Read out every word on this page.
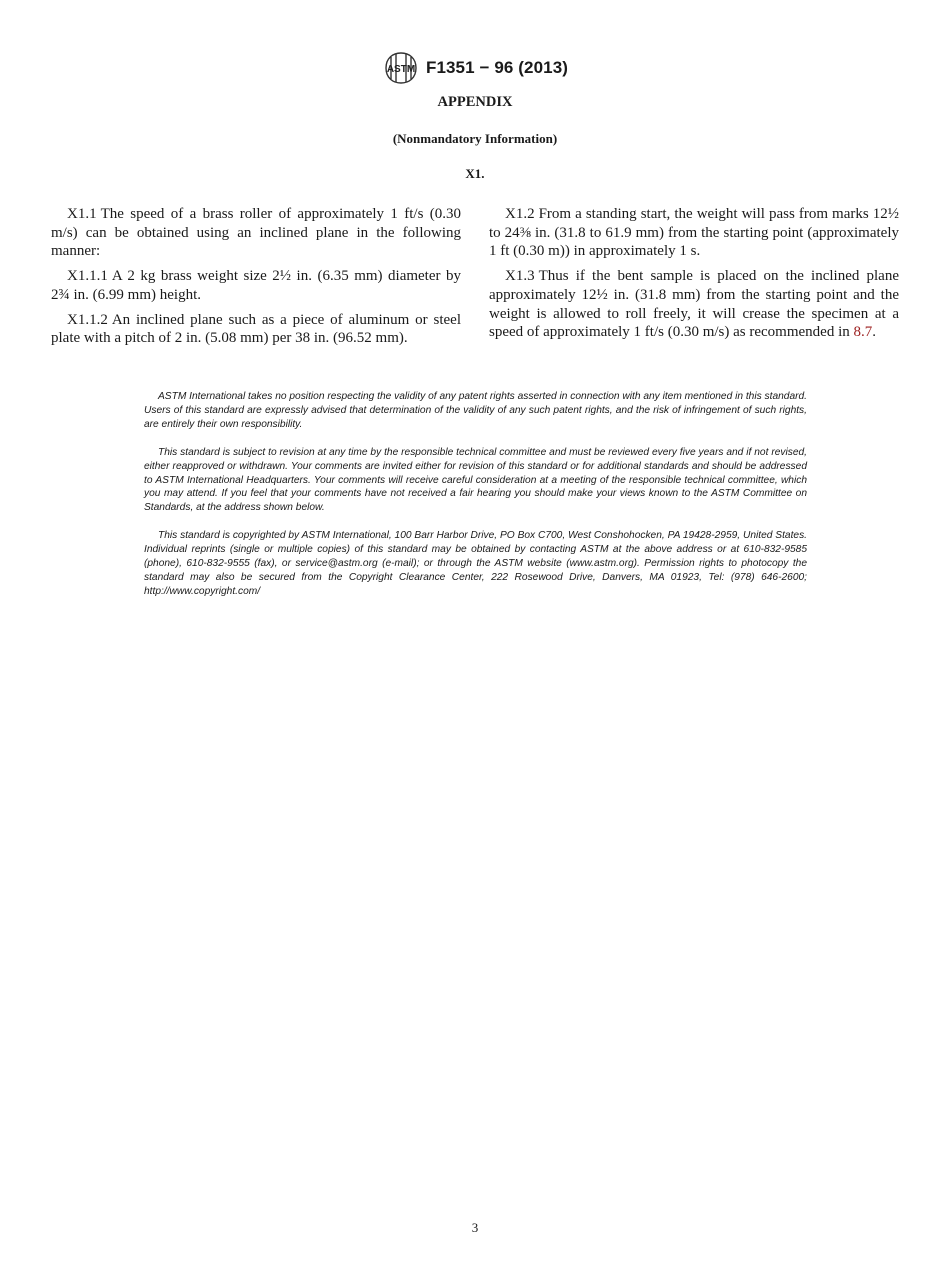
ASTM F1351 − 96 (2013)
APPENDIX
(Nonmandatory Information)
X1.

X1.1 The speed of a brass roller of approximately 1 ft/s (0.30 m/s) can be obtained using an inclined plane in the following manner:

X1.1.1 A 2 kg brass weight size 2½ in. (6.35 mm) diameter by 2¾ in. (6.99 mm) height.

X1.1.2 An inclined plane such as a piece of aluminum or steel plate with a pitch of 2 in. (5.08 mm) per 38 in. (96.52 mm).

X1.2 From a standing start, the weight will pass from marks 12½ to 24⅜ in. (31.8 to 61.9 mm) from the starting point (approximately 1 ft (0.30 m)) in approximately 1 s.

X1.3 Thus if the bent sample is placed on the inclined plane approximately 12½ in. (31.8 mm) from the starting point and the weight is allowed to roll freely, it will crease the specimen at a speed of approximately 1 ft/s (0.30 m/s) as recommended in 8.7.

ASTM International takes no position respecting the validity of any patent rights asserted in connection with any item mentioned in this standard. Users of this standard are expressly advised that determination of the validity of any such patent rights, and the risk of infringement of such rights, are entirely their own responsibility.

This standard is subject to revision at any time by the responsible technical committee and must be reviewed every five years and if not revised, either reapproved or withdrawn. Your comments are invited either for revision of this standard or for additional standards and should be addressed to ASTM International Headquarters. Your comments will receive careful consideration at a meeting of the responsible technical committee, which you may attend. If you feel that your comments have not received a fair hearing you should make your views known to the ASTM Committee on Standards, at the address shown below.

This standard is copyrighted by ASTM International, 100 Barr Harbor Drive, PO Box C700, West Conshohocken, PA 19428-2959, United States. Individual reprints (single or multiple copies) of this standard may be obtained by contacting ASTM at the above address or at 610-832-9585 (phone), 610-832-9555 (fax), or service@astm.org (e-mail); or through the ASTM website (www.astm.org). Permission rights to photocopy the standard may also be secured from the Copyright Clearance Center, 222 Rosewood Drive, Danvers, MA 01923, Tel: (978) 646-2600; http://www.copyright.com/

3
